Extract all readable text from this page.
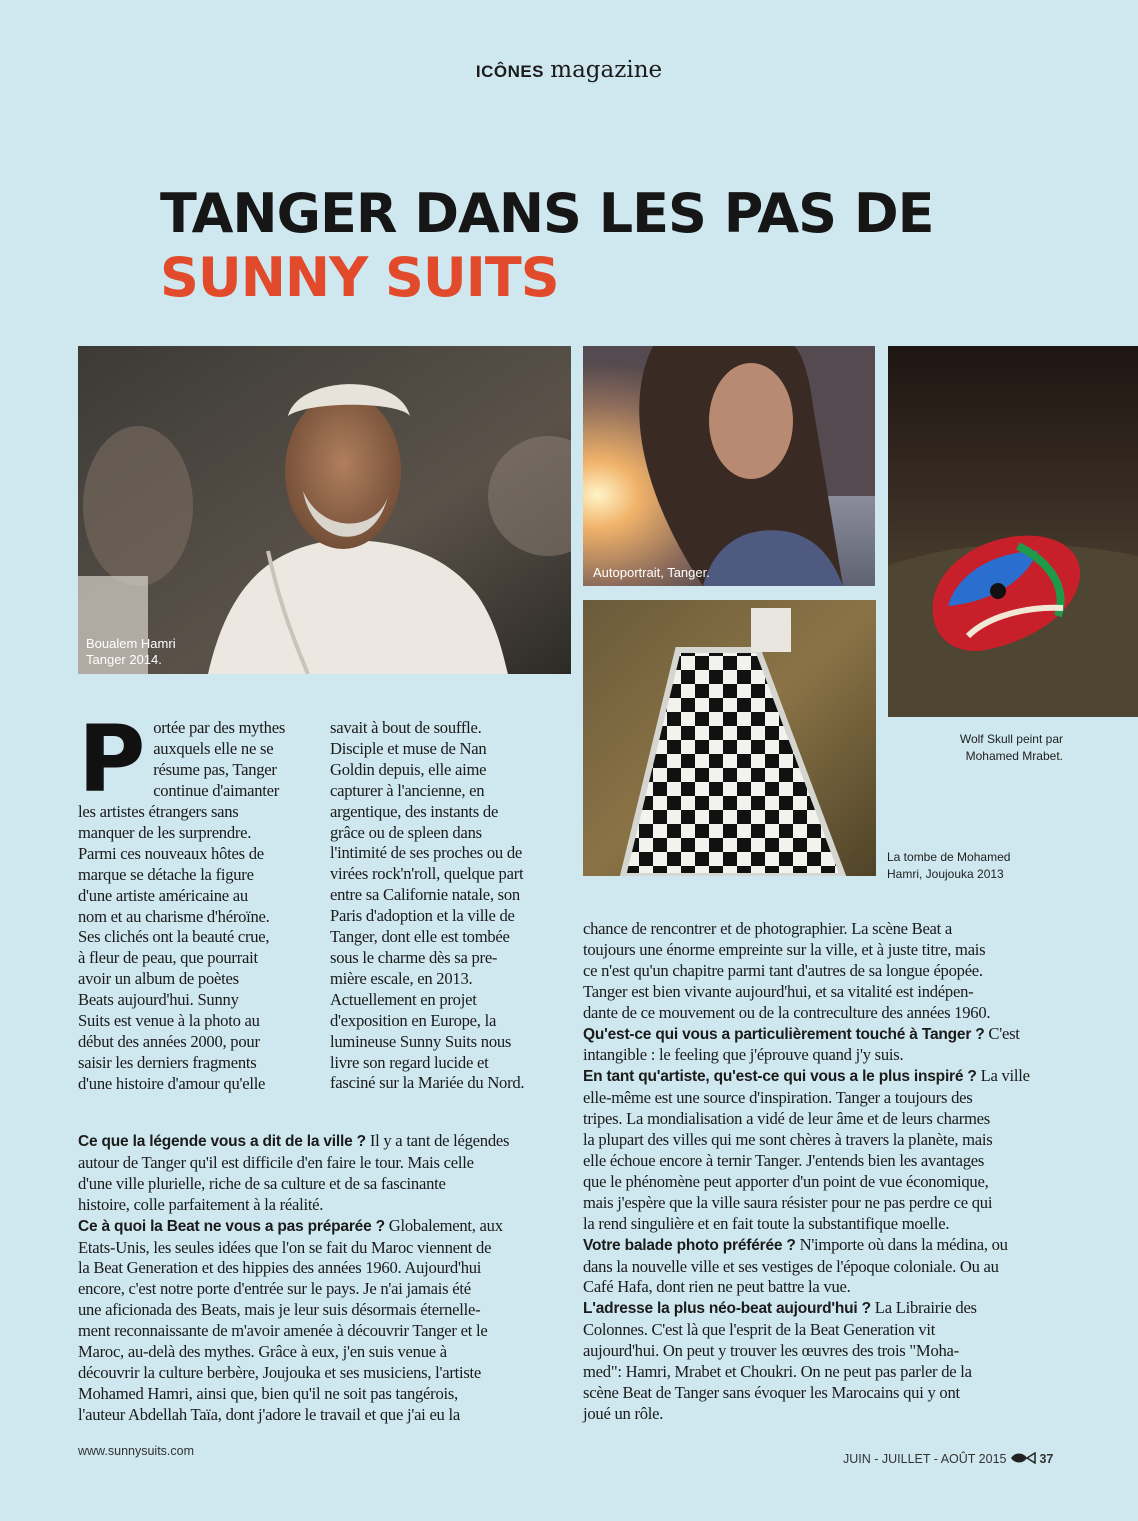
ICÔNES magazine
TANGER DANS LES PAS DE
SUNNY SUITS
Boualem Hamri
Tanger 2014.
Autoportrait, Tanger.
Wolf Skull peint par
Mohamed Mrabet.
La tombe de Mohamed
Hamri, Joujouka 2013
P ortée par des mythes

auxquels elle ne se

résume pas, Tanger

continue d'aimanter

les artistes étrangers sans

manquer de les surprendre.

Parmi ces nouveaux hôtes de

marque se détache la figure

d'une artiste américaine au

nom et au charisme d'héroïne.

Ses clichés ont la beauté crue,

à fleur de peau, que pourrait

avoir un album de poètes

Beats aujourd'hui. Sunny

Suits est venue à la photo au

début des années 2000, pour

saisir les derniers fragments

d'une histoire d'amour qu'elle

savait à bout de souffle.

Disciple et muse de Nan

Goldin depuis, elle aime

capturer à l'ancienne, en

argentique, des instants de

grâce ou de spleen dans

l'intimité de ses proches ou de

virées rock'n'roll, quelque part

entre sa Californie natale, son

Paris d'adoption et la ville de

Tanger, dont elle est tombée

sous le charme dès sa pre-

mière escale, en 2013.

Actuellement en projet

d'exposition en Europe, la

lumineuse Sunny Suits nous

livre son regard lucide et

fasciné sur la Mariée du Nord.

Ce que la légende vous a dit de la ville ? Il y a tant de légendes

autour de Tanger qu'il est difficile d'en faire le tour. Mais celle

d'une ville plurielle, riche de sa culture et de sa fascinante

histoire, colle parfaitement à la réalité.

Ce à quoi la Beat ne vous a pas préparée ? Globalement, aux

Etats-Unis, les seules idées que l'on se fait du Maroc viennent de

la Beat Generation et des hippies des années 1960. Aujourd'hui

encore, c'est notre porte d'entrée sur le pays. Je n'ai jamais été

une aficionada des Beats, mais je leur suis désormais éternelle-

ment reconnaissante de m'avoir amenée à découvrir Tanger et le

Maroc, au-delà des mythes. Grâce à eux, j'en suis venue à

découvrir la culture berbère, Joujouka et ses musiciens, l'artiste

Mohamed Hamri, ainsi que, bien qu'il ne soit pas tangérois,

l'auteur Abdellah Taïa, dont j'adore le travail et que j'ai eu la

chance de rencontrer et de photographier. La scène Beat a

toujours une énorme empreinte sur la ville, et à juste titre, mais

ce n'est qu'un chapitre parmi tant d'autres de sa longue épopée.

Tanger est bien vivante aujourd'hui, et sa vitalité est indépen-

dante de ce mouvement ou de la contreculture des années 1960.

Qu'est-ce qui vous a particulièrement touché à Tanger ? C'est

intangible : le feeling que j'éprouve quand j'y suis.

En tant qu'artiste, qu'est-ce qui vous a le plus inspiré ? La ville

elle-même est une source d'inspiration. Tanger a toujours des

tripes. La mondialisation a vidé de leur âme et de leurs charmes

la plupart des villes qui me sont chères à travers la planète, mais

elle échoue encore à ternir Tanger. J'entends bien les avantages

que le phénomène peut apporter d'un point de vue économique,

mais j'espère que la ville saura résister pour ne pas perdre ce qui

la rend singulière et en fait toute la substantifique moelle.

Votre balade photo préférée ? N'importe où dans la médina, ou

dans la nouvelle ville et ses vestiges de l'époque coloniale. Ou au

Café Hafa, dont rien ne peut battre la vue.

L'adresse la plus néo-beat aujourd'hui ? La Librairie des

Colonnes. C'est là que l'esprit de la Beat Generation vit

aujourd'hui. On peut y trouver les œuvres des trois "Moha-

med": Hamri, Mrabet et Choukri. On ne peut pas parler de la

scène Beat de Tanger sans évoquer les Marocains qui y ont

joué un rôle.

www.sunnysuits.com
JUIN - JUILLET - AOÛT 2015	37
